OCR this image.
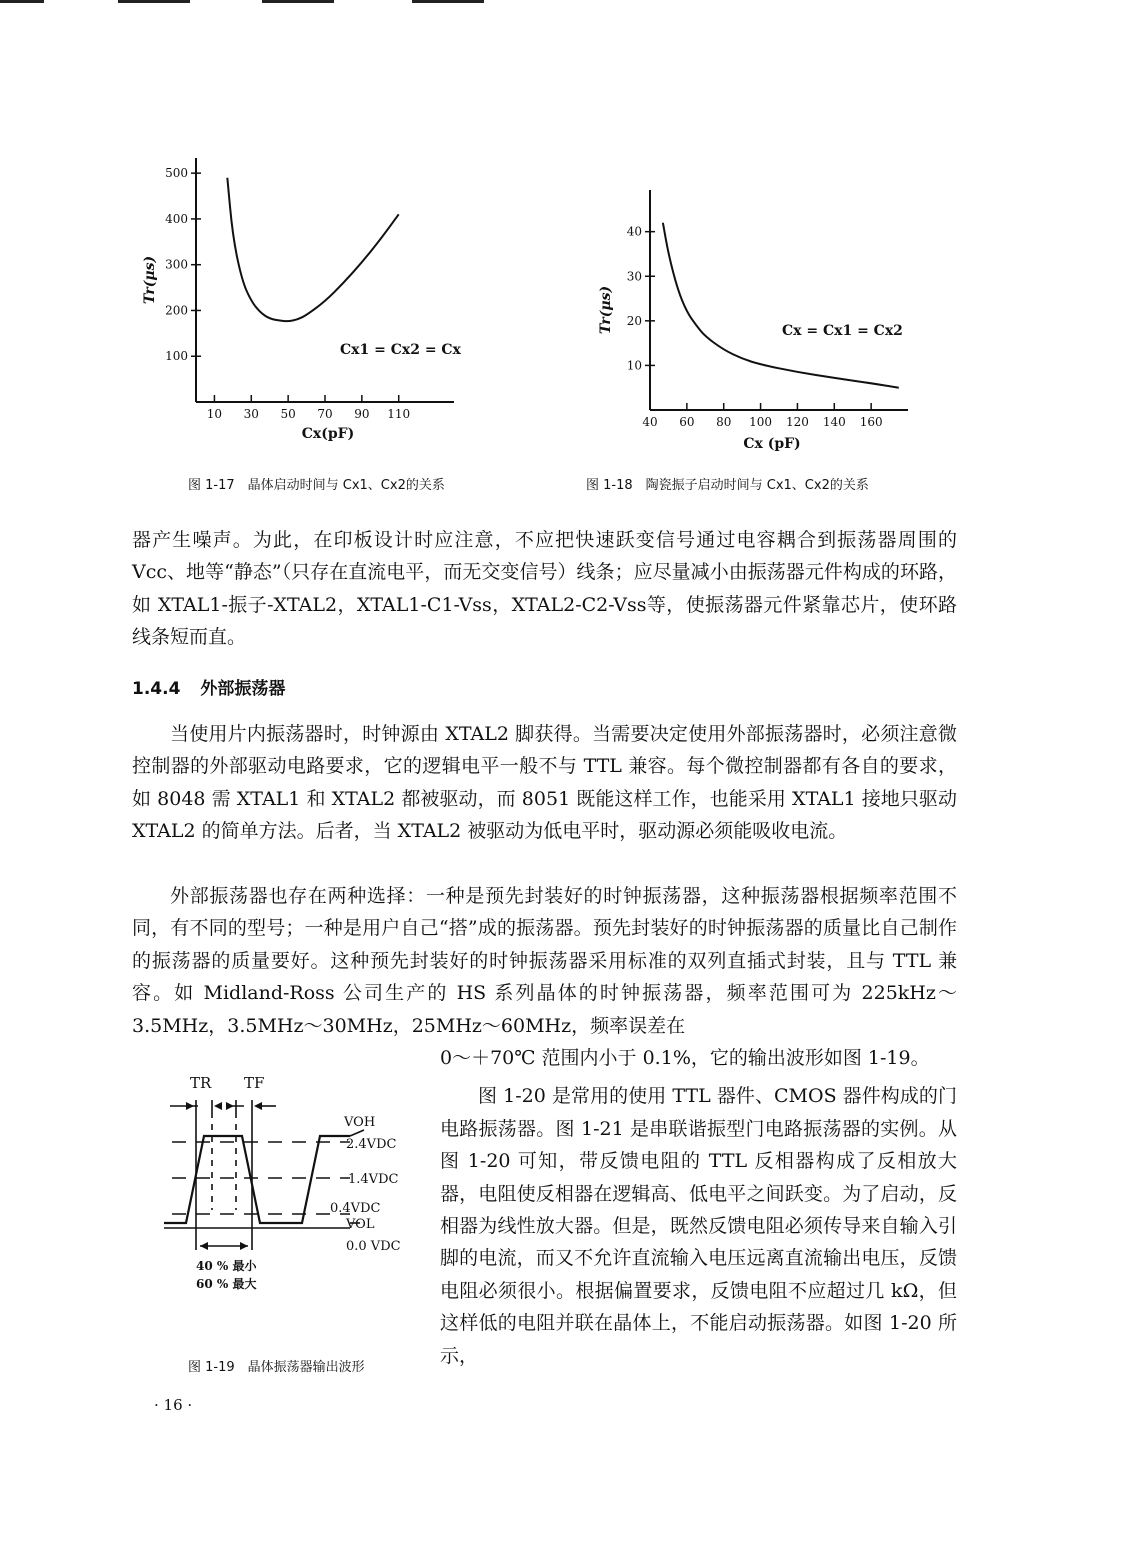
100
200
300
400
500
10 30 50 70 90 110
Tr(μs)
Cx(pF)
Cx1 = Cx2 = Cx
图 1-17　晶体启动时间与 Cx1、Cx2的关系
10
20
30
40
40 60 80 100 120 140 160
Tr(μs)
Cx (pF)
Cx = Cx1 = Cx2
图 1-18　陶瓷振子启动时间与 Cx1、Cx2的关系

器产生噪声。为此，在印板设计时应注意，不应把快速跃变信号通过电容耦合到振荡器周围的 Vcc、地等“静态”（只存在直流电平，而无交变信号）线条；应尽量减小由振荡器元件构成的环路，如 XTAL1-振子-XTAL2，XTAL1-C1-Vss，XTAL2-C2-Vss等，使振荡器元件紧靠芯片，使环路线条短而直。

1.4.4 外部振荡器

当使用片内振荡器时，时钟源由 XTAL2 脚获得。当需要决定使用外部振荡器时，必须注意微控制器的外部驱动电路要求，它的逻辑电平一般不与 TTL 兼容。每个微控制器都有各自的要求，如 8048 需 XTAL1 和 XTAL2 都被驱动，而 8051 既能这样工作，也能采用 XTAL1 接地只驱动 XTAL2 的简单方法。后者，当 XTAL2 被驱动为低电平时，驱动源必须能吸收电流。

外部振荡器也存在两种选择：一种是预先封装好的时钟振荡器，这种振荡器根据频率范围不同，有不同的型号；一种是用户自己“搭”成的振荡器。预先封装好的时钟振荡器的质量比自己制作的振荡器的质量要好。这种预先封装好的时钟振荡器采用标准的双列直插式封装，且与 TTL 兼容。如 Midland-Ross 公司生产的 HS 系列晶体的时钟振荡器，频率范围可为 225kHz～3.5MHz，3.5MHz～30MHz，25MHz～60MHz，频率误差在

0～＋70℃ 范围内小于 0.1%，它的输出波形如图 1-19。

图 1-20 是常用的使用 TTL 器件、CMOS 器件构成的门电路振荡器。图 1-21 是串联谐振型门电路振荡器的实例。从图 1-20 可知，带反馈电阻的 TTL 反相器构成了反相放大器，电阻使反相器在逻辑高、低电平之间跃变。为了启动，反相器为线性放大器。但是，既然反馈电阻必须传导来自输入引脚的电流，而又不允许直流输入电压远离直流输出电压，反馈电阻必须很小。根据偏置要求，反馈电阻不应超过几 kΩ，但这样低的电阻并联在晶体上，不能启动振荡器。如图 1-20 所示，

TR TF
VOH
2.4VDC
1.4VDC
0.4VDC
VOL
0.0 VDC
40 % 最小
60 % 最大
图 1-19　晶体振荡器输出波形
· 16 ·
